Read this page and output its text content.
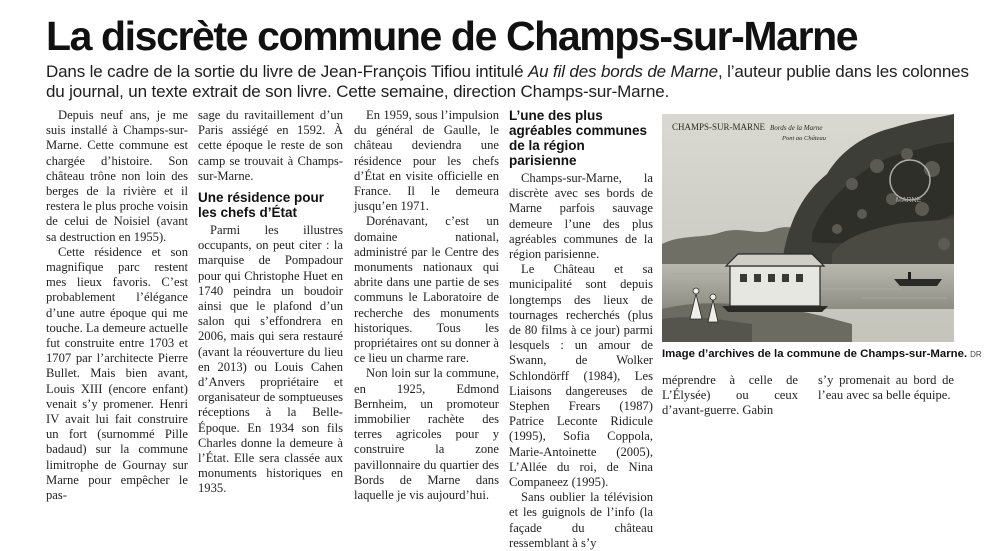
La discrète commune de Champs-sur-Marne
Dans le cadre de la sortie du livre de Jean-François Tifiou intitulé Au fil des bords de Marne, l’auteur publie dans les colonnes du journal, un texte extrait de son livre. Cette semaine, direction Champs-sur-Marne.

Depuis neuf ans, je me suis installé à Champs-sur-Marne. Cette commune est chargée d’histoire. Son château trône non loin des berges de la rivière et il restera le plus proche voisin de celui de Noisiel (avant sa destruction en 1955).

Cette résidence et son magnifique parc restent mes lieux favoris. C’est probablement l’élégance d’une autre époque qui me touche. La demeure actuelle fut construite entre 1703 et 1707 par l’architecte Pierre Bullet. Mais bien avant, Louis XIII (encore enfant) venait s’y promener. Henri IV avait lui fait construire un fort (surnommé Pille badaud) sur la commune limitrophe de Gournay sur Marne pour empêcher le pas-

sage du ravitaillement d’un Paris assiégé en 1592. À cette époque le reste de son camp se trouvait à Champs-sur-Marne.

Une résidence pour les chefs d’État

Parmi les illustres occupants, on peut citer : la marquise de Pompadour pour qui Christophe Huet en 1740 peindra un boudoir ainsi que le plafond d’un salon qui s’effondrera en 2006, mais qui sera restauré (avant la réouverture du lieu en 2013) ou Louis Cahen d’Anvers propriétaire et organisateur de somptueuses réceptions à la Belle-Époque. En 1934 son fils Charles donne la demeure à l’État. Elle sera classée aux monuments historiques en 1935.

En 1959, sous l’impulsion du général de Gaulle, le château deviendra une résidence pour les chefs d’État en visite officielle en France. Il le demeura jusqu’en 1971.

Dorénavant, c’est un domaine national, administré par le Centre des monuments nationaux qui abrite dans une partie de ses communs le Laboratoire de recherche des monuments historiques. Tous les propriétaires ont su donner à ce lieu un charme rare.

Non loin sur la commune, en 1925, Edmond Bernheim, un promoteur immobilier rachète des terres agricoles pour y construire la zone pavillonnaire du quartier des Bords de Marne dans laquelle je vis aujourd’hui.

L’une des plus agréables communes de la région parisienne

Champs-sur-Marne, la discrète avec ses bords de Marne parfois sauvage demeure l’une des plus agréables communes de la région parisienne.

Le Château et sa municipalité sont depuis longtemps des lieux de tournages recherchés (plus de 80 films à ce jour) parmi lesquels : un amour de Swann, de Wolker Schlondörff (1984), Les Liaisons dangereuses de Stephen Frears (1987) Patrice Leconte Ridicule (1995), Sofia Coppola, Marie-Antoinette (2005), L’Allée du roi, de Nina Companeez (1995).

Sans oublier la télévision et les guignols de l’info (la façade du château ressemblant à s’y

CHAMPS-SUR-MARNE Bords de la Marne
Pont au Château
MARNE
Image d’archives de la commune de Champs-sur-Marne. DR

méprendre à celle de L’Élysée) ou ceux d’avant-guerre. Gabin

s’y promenait au bord de l’eau avec sa belle équipe.
